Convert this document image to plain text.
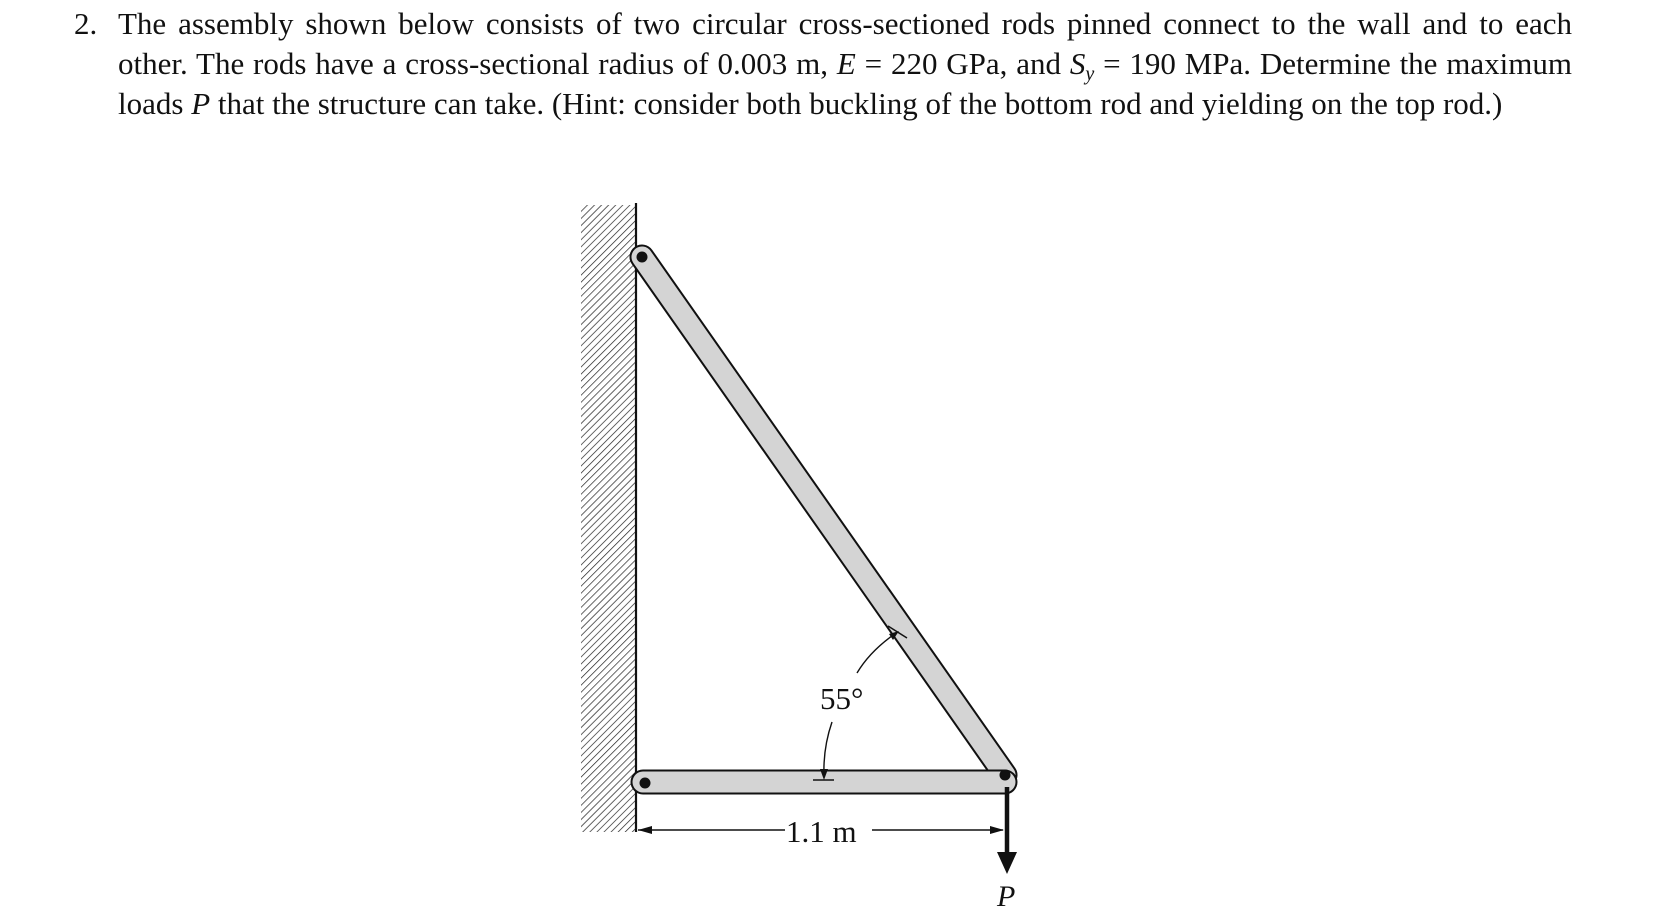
2. The assembly shown below consists of two circular cross-sectioned rods pinned connect to the wall and to each other. The rods have a cross-sectional radius of 0.003 m, E = 220 GPa, and $S_y = 190$ MPa. Determine the maximum loads P that the structure can take. (Hint: consider both buckling of the bottom rod and yielding on the top rod.)
55°
1.1 m
P
